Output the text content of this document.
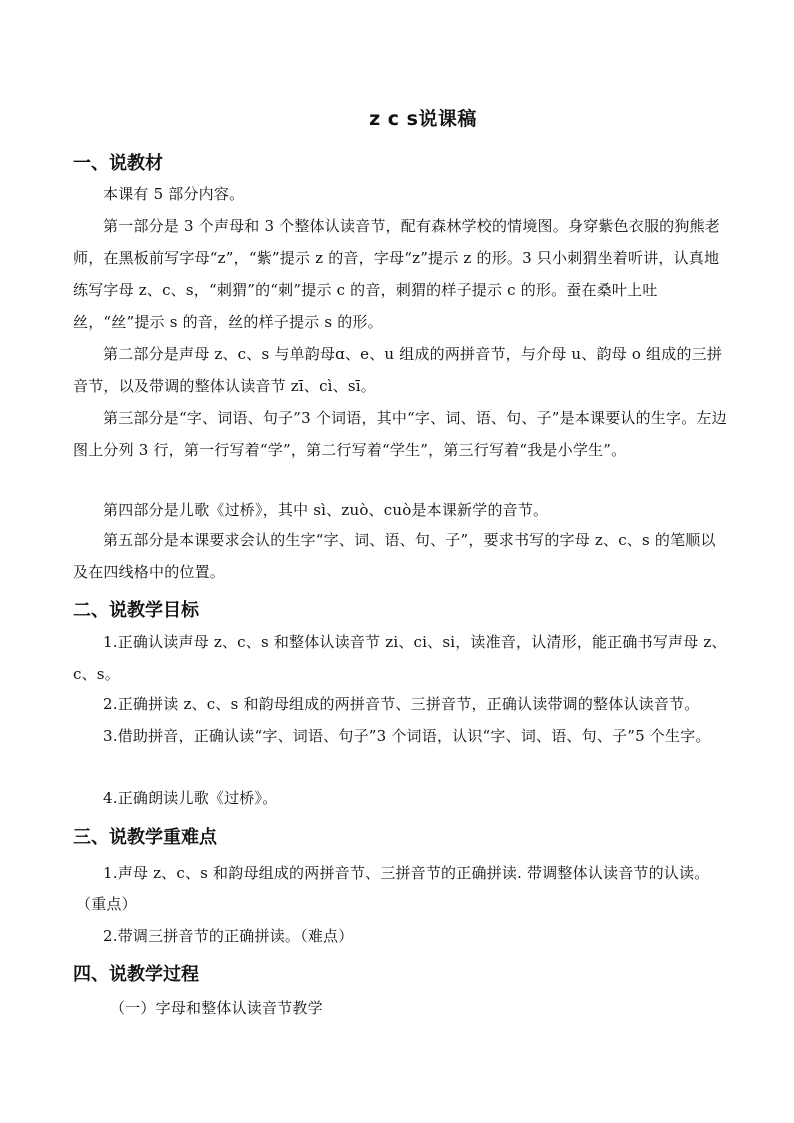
z c s说课稿
一、说教材

本课有 5 部分内容。

第一部分是 3 个声母和 3 个整体认读音节，配有森林学校的情境图。身穿紫色衣服的狗熊老师，在黑板前写字母“z”，“紫”提示 z 的音，字母“z”提示 z 的形。3 只小刺猬坐着听讲，认真地练写字母 z、c、s，“刺猬”的“刺”提示 c 的音，刺猬的样子提示 c 的形。蚕在桑叶上吐丝，“丝”提示 s 的音，丝的样子提示 s 的形。

第二部分是声母 z、c、s 与单韵母ɑ、e、u 组成的两拼音节，与介母 u、韵母 o 组成的三拼音节，以及带调的整体认读音节 zī、cì、sī。

第三部分是“字、词语、句子”3 个词语，其中“字、词、语、句、子”是本课要认的生字。左边图上分列 3 行，第一行写着“学”，第二行写着“学生”，第三行写着“我是小学生”。

第四部分是儿歌《过桥》，其中 sì、zuò、cuò是本课新学的音节。

第五部分是本课要求会认的生字“字、词、语、句、子”，要求书写的字母 z、c、s 的笔顺以及在四线格中的位置。

二、说教学目标

1.正确认读声母 z、c、s 和整体认读音节 zi、ci、si，读准音，认清形，能正确书写声母 z、c、s。

2.正确拼读 z、c、s 和韵母组成的两拼音节、三拼音节，正确认读带调的整体认读音节。

3.借助拼音，正确认读“字、词语、句子”3 个词语，认识“字、词、语、句、子”5 个生字。

4.正确朗读儿歌《过桥》。

三、说教学重难点
1.声母 z、c、s 和韵母组成的两拼音节、三拼音节的正确拼读. 带调整体认读音节的认读。
（重点）
2.带调三拼音节的正确拼读。（难点）
四、说教学过程
（一）字母和整体认读音节教学
